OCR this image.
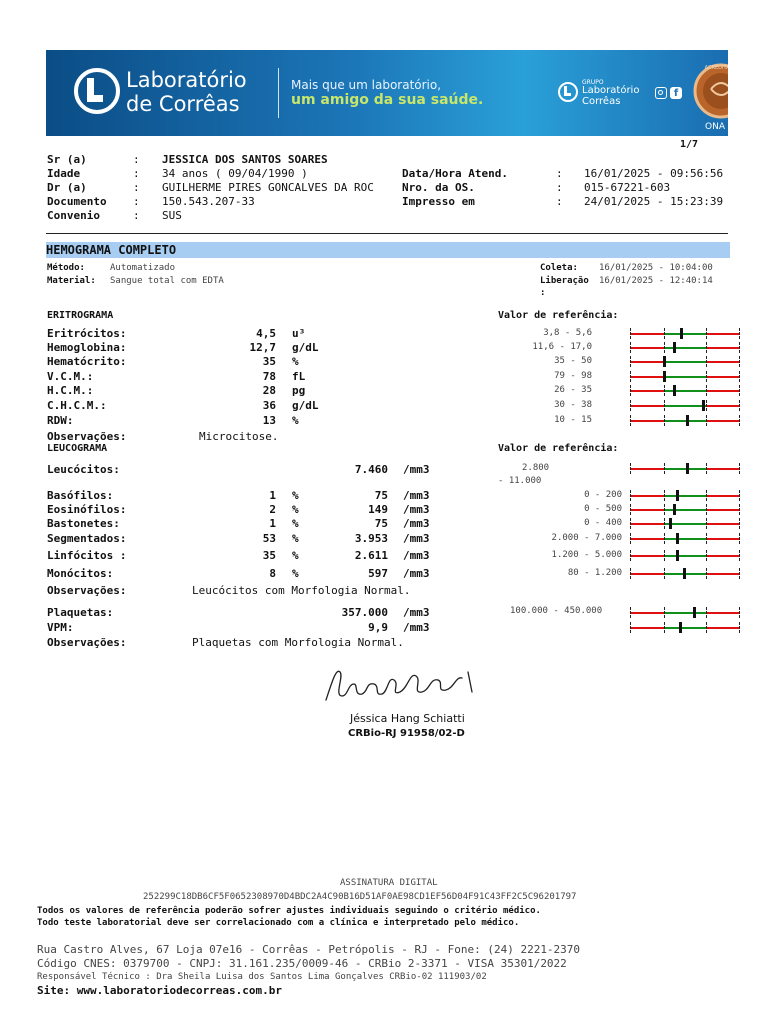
Laboratório
de Corrêas
Mais que um laboratório,
um amigo da sua saúde.
GRUPO
Laboratório
Corrêas
f
ACREDITADO
ONA
1/7
Sr (a)	: JESSICA DOS SANTOS SOARES
Idade	: 34 anos ( 09/04/1990 )	Data/Hora Atend.	: 16/01/2025 - 09:56:56
Dr (a)	: GUILHERME PIRES GONCALVES DA ROC	Nro. da OS.	: 015-67221-603
Documento : 150.543.207-33	Impresso em	: 24/01/2025 - 15:23:39
Convenio	: SUS
HEMOGRAMA COMPLETO
Método:	Automatizado
Material: Sangue total com EDTA
Coleta: 16/01/2025 - 10:04:00
Liberação 16/01/2025 - 12:40:14
:
ERITROGRAMA	Valor de referência:
Eritrócitos:	4,5 u³	3,8 - 5,6
Hemoglobina:	12,7 g/dL	11,6 - 17,0
Hematócrito:	35 %	35 - 50
V.C.M.:	78 fL	79 - 98
H.C.M.:	28 pg	26 - 35
C.H.C.M.:	36 g/dL	30 - 38
RDW:	13 %	10 - 15
Observações:	Microcitose.
LEUCOGRAMA	Valor de referência:
Leucócitos:	7.460 /mm3	2.800
- 11.000
Basófilos:	1 %	75 /mm3	0 - 200
Eosinófilos:	2 %	149 /mm3	0 - 500
Bastonetes:	1 %	75 /mm3	0 - 400
Segmentados:	53 %	3.953 /mm3	2.000 - 7.000
Linfócitos :	35 %	2.611 /mm3	1.200 - 5.000
Monócitos:	8 %	597 /mm3	80 - 1.200
Observações:	Leucócitos com Morfologia Normal.
Plaquetas:	357.000 /mm3	100.000 - 450.000
VPM:	9,9 /mm3
Observações:	Plaquetas com Morfologia Normal.
Jéssica Hang Schiatti
CRBio-RJ 91958/02-D
ASSINATURA DIGITAL
252299C18DB6CF5F0652308970D4BDC2A4C90B16D51AF0AE98CD1EF56D04F91C43FF2C5C96201797
Todos os valores de referência poderão sofrer ajustes individuais seguindo o critério médico.
Todo teste laboratorial deve ser correlacionado com a clínica e interpretado pelo médico.
Rua Castro Alves, 67 Loja 07e16 - Corrêas - Petrópolis - RJ - Fone: (24) 2221-2370
Código CNES: 0379700 - CNPJ: 31.161.235/0009-46 - CRBio 2-3371 - VISA 35301/2022
Responsável Técnico : Dra Sheila Luisa dos Santos Lima Gonçalves CRBio-02 111903/02
Site: www.laboratoriodecorreas.com.br
